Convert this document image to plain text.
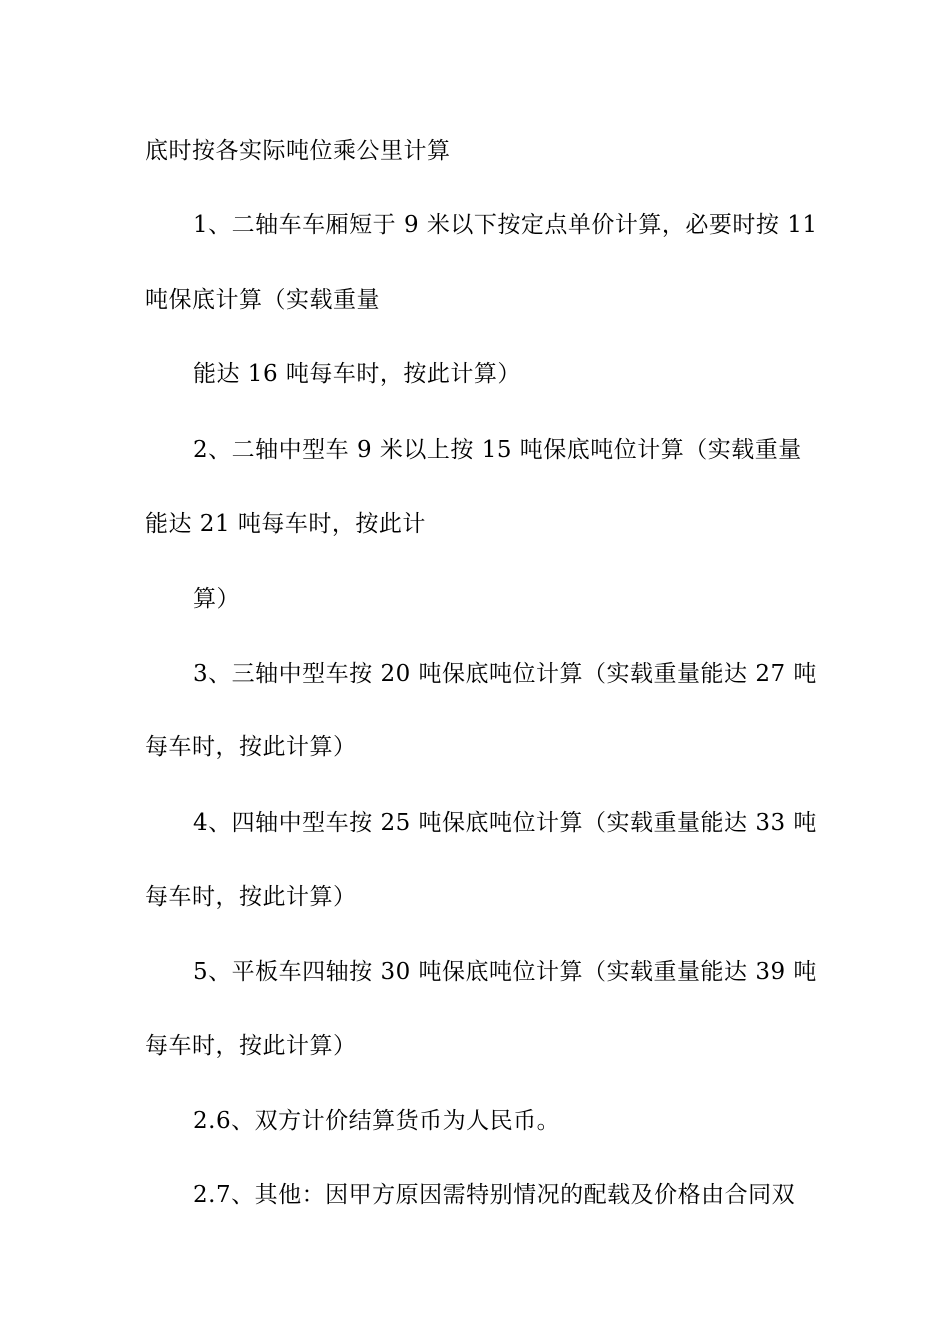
底时按各实际吨位乘公里计算
1、二轴车车厢短于 9 米以下按定点单价计算，必要时按 11
吨保底计算（实载重量
能达 16 吨每车时，按此计算）
2、二轴中型车 9 米以上按 15 吨保底吨位计算（实载重量
能达 21 吨每车时，按此计
算）
3、三轴中型车按 20 吨保底吨位计算（实载重量能达 27 吨
每车时，按此计算）
4、四轴中型车按 25 吨保底吨位计算（实载重量能达 33 吨
每车时，按此计算）
5、平板车四轴按 30 吨保底吨位计算（实载重量能达 39 吨
每车时，按此计算）
2.6、双方计价结算货币为人民币。
2.7、其他：因甲方原因需特别情况的配载及价格由合同双
